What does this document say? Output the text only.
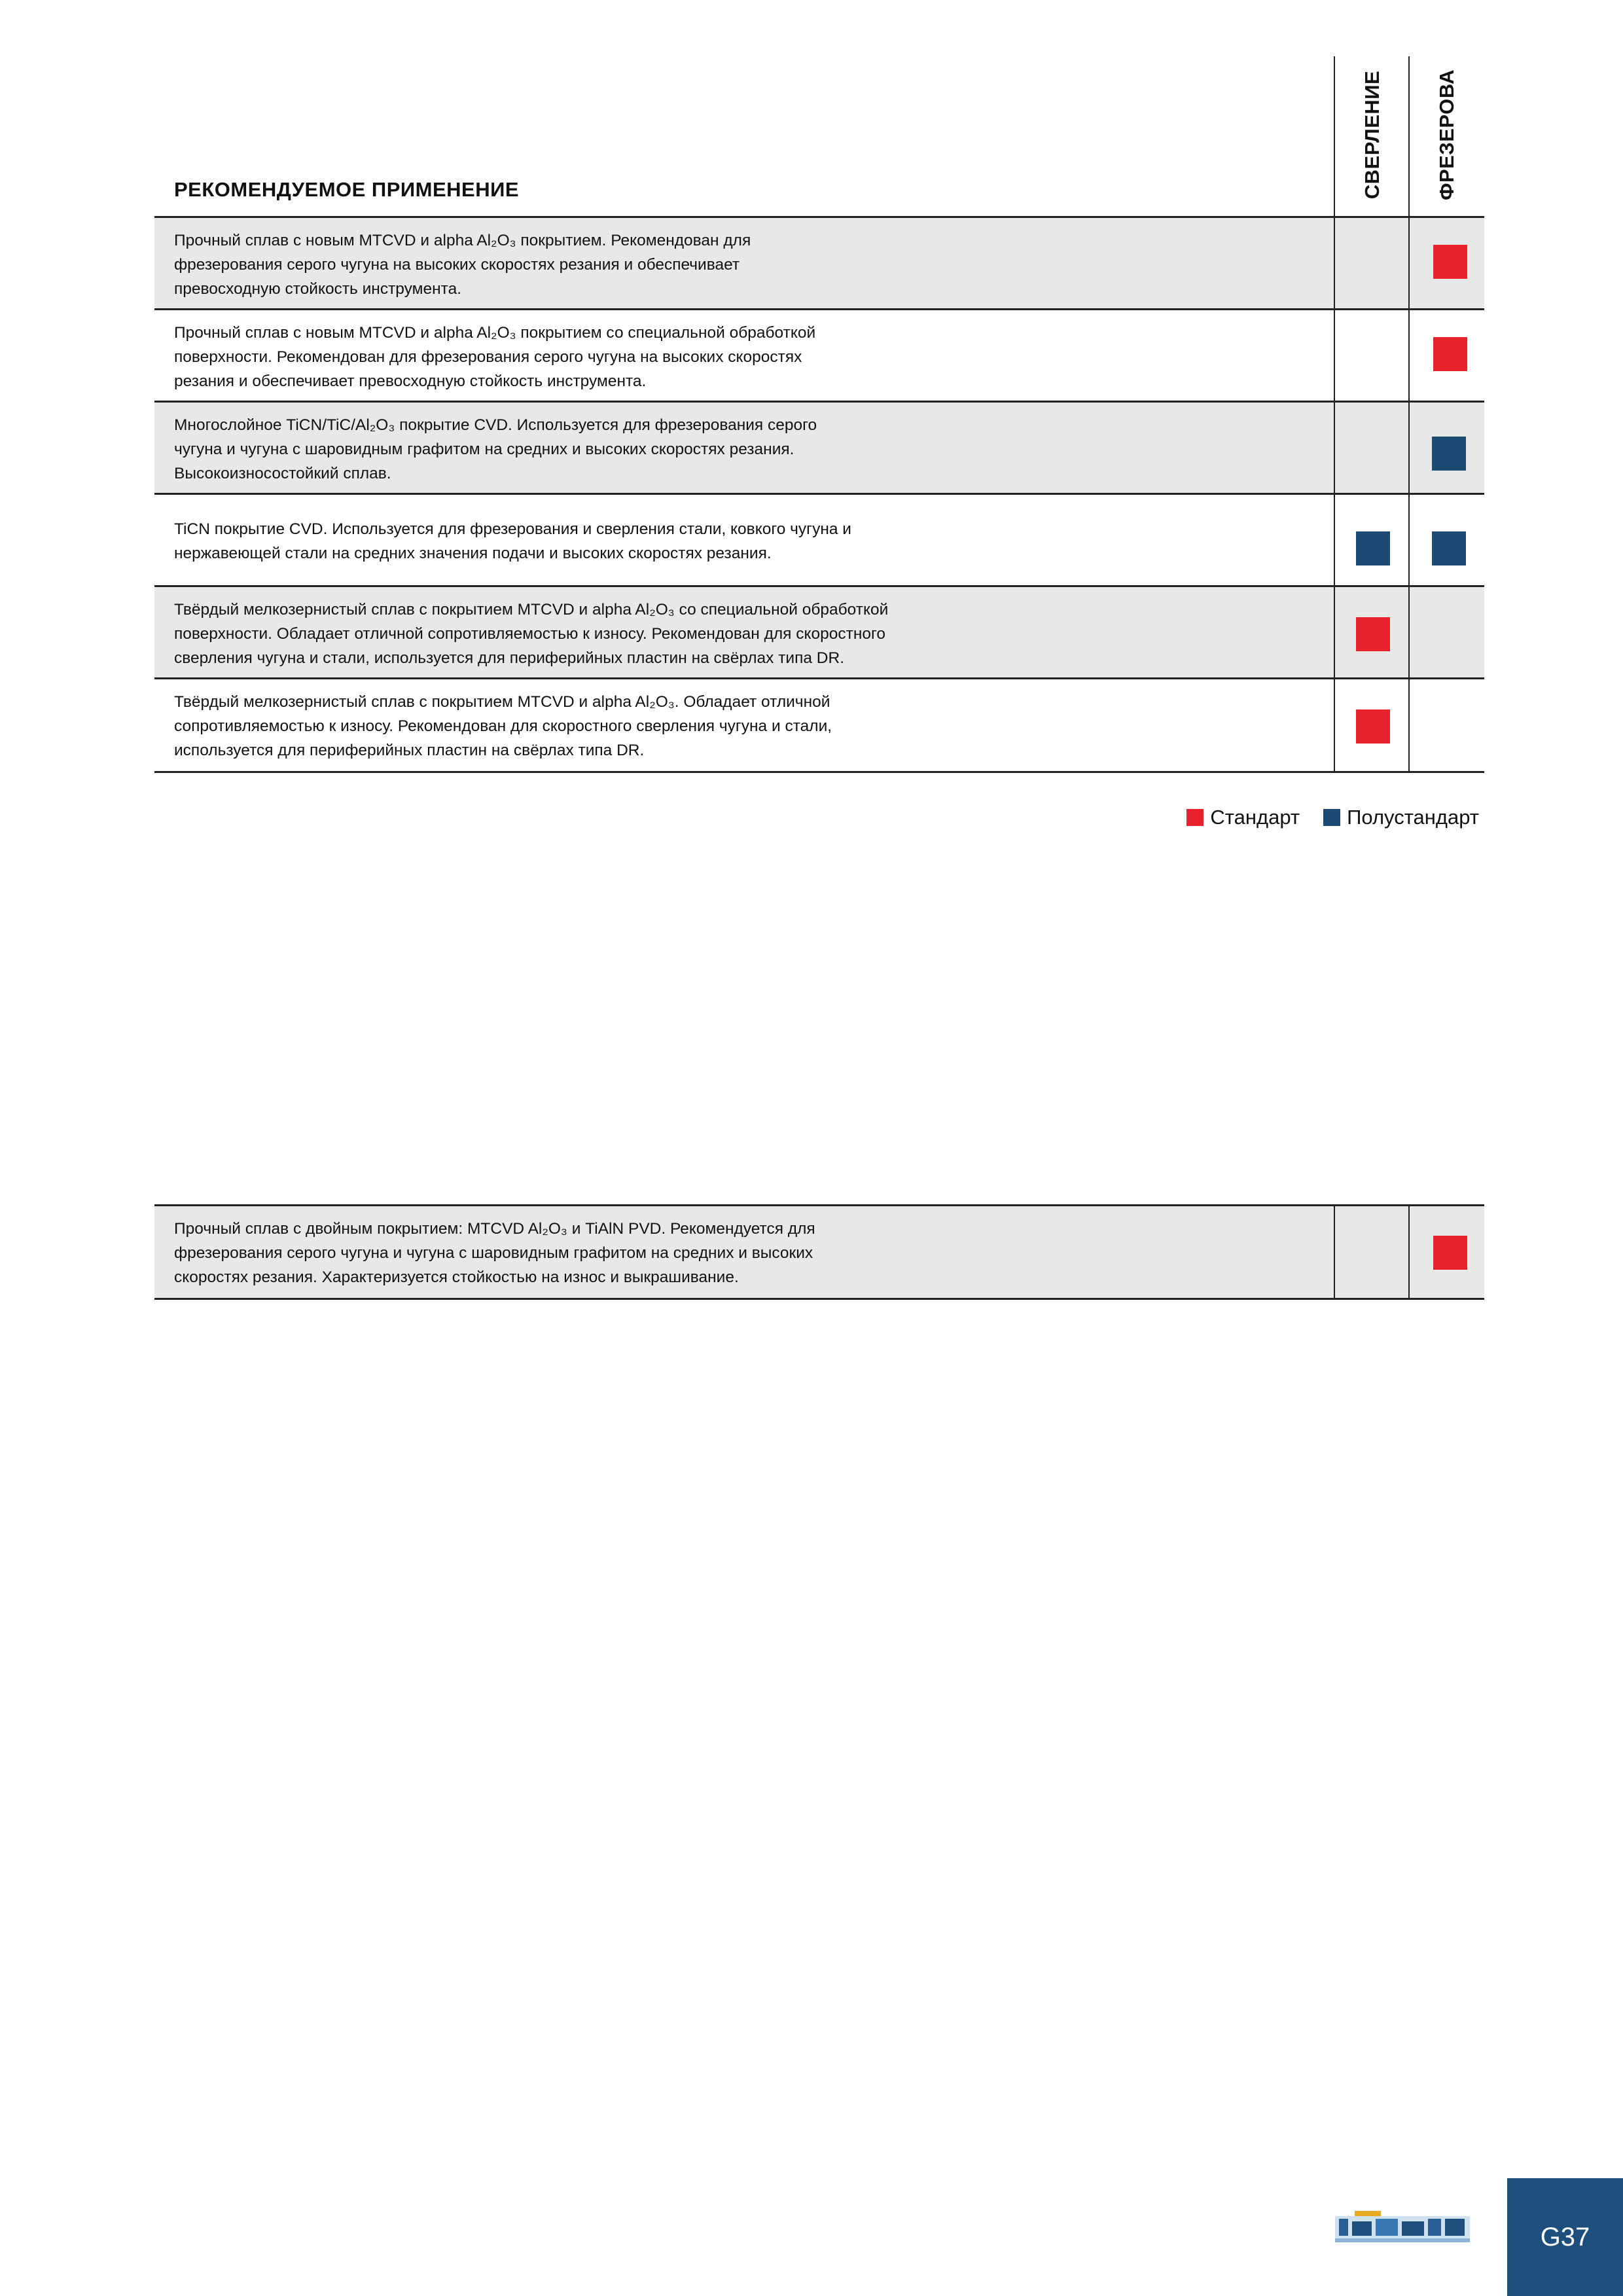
РЕКОМЕНДУЕМОЕ ПРИМЕНЕНИЕ	СВЕРЛЕНИЕ	ФРЕЗЕРОВА
Прочный сплав с новым MTCVD и alpha Al₂O₃ покрытием. Рекомендован для
фрезерования серого чугуна на высоких скоростях резания и обеспечивает
превосходную стойкость инструмента.
Прочный сплав с новым MTCVD и alpha Al₂O₃ покрытием со специальной обработкой
поверхности. Рекомендован для фрезерования серого чугуна на высоких скоростях
резания и обеспечивает превосходную стойкость инструмента.
Многослойное TiCN/TiC/Al₂O₃ покрытие CVD. Используется для фрезерования серого
чугуна и чугуна с шаровидным графитом на средних и высоких скоростях резания.
Высокоизносостойкий сплав.
TiCN покрытие CVD. Используется для фрезерования и сверления стали, ковкого чугуна и
нержавеющей стали на средних значения подачи и высоких скоростях резания.
Твёрдый мелкозернистый сплав с покрытием MTCVD и alpha Al₂O₃ со специальной обработкой
поверхности. Обладает отличной сопротивляемостью к износу. Рекомендован для скоростного
сверления чугуна и стали, используется для периферийных пластин на свёрлах типа DR.
Твёрдый мелкозернистый сплав с покрытием MTCVD и alpha Al₂O₃. Обладает отличной
сопротивляемостью к износу. Рекомендован для скоростного сверления чугуна и стали,
используется для периферийных пластин на свёрлах типа DR.
Стандарт Полустандарт
Прочный сплав с двойным покрытием: MTCVD Al₂O₃ и TiAlN PVD. Рекомендуется для
фрезерования серого чугуна и чугуна с шаровидным графитом на средних и высоких
скоростях резания. Характеризуется стойкостью на износ и выкрашивание.
G37
